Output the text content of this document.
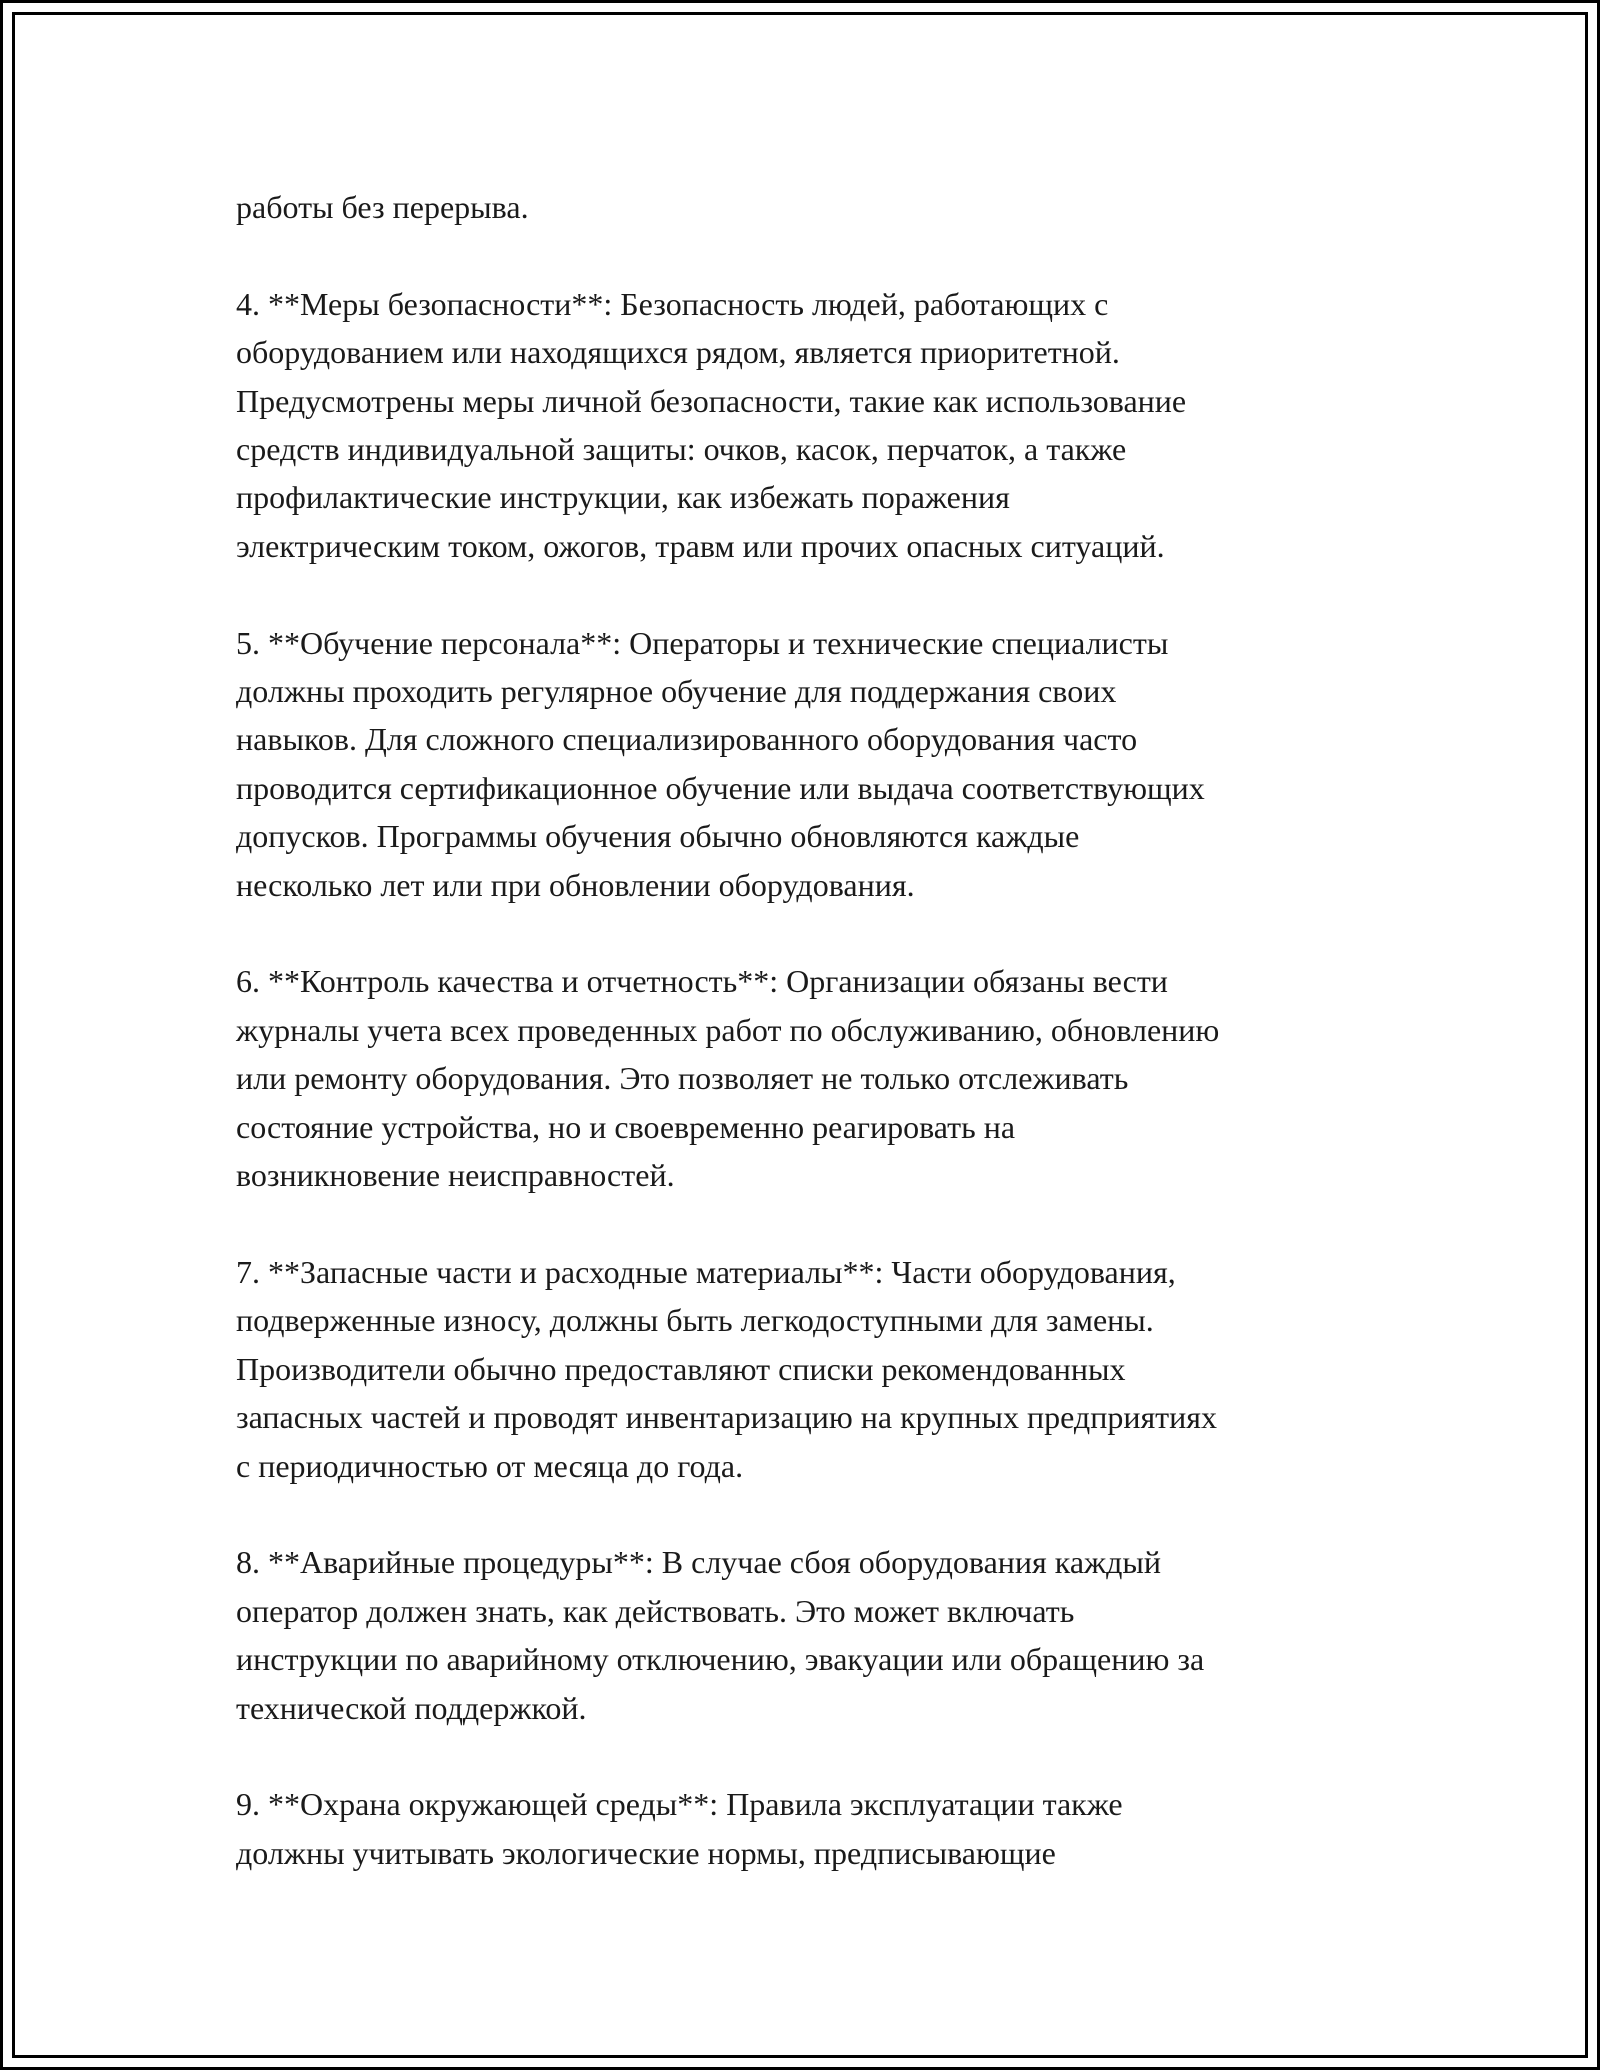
работы без перерыва.

4. **Меры безопасности**: Безопасность людей, работающих с
оборудованием или находящихся рядом, является приоритетной.
Предусмотрены меры личной безопасности, такие как использование
средств индивидуальной защиты: очков, касок, перчаток, а также
профилактические инструкции, как избежать поражения
электрическим током, ожогов, травм или прочих опасных ситуаций.

5. **Обучение персонала**: Операторы и технические специалисты
должны проходить регулярное обучение для поддержания своих
навыков. Для сложного специализированного оборудования часто
проводится сертификационное обучение или выдача соответствующих
допусков. Программы обучения обычно обновляются каждые
несколько лет или при обновлении оборудования.

6. **Контроль качества и отчетность**: Организации обязаны вести
журналы учета всех проведенных работ по обслуживанию, обновлению
или ремонту оборудования. Это позволяет не только отслеживать
состояние устройства, но и своевременно реагировать на
возникновение неисправностей.

7. **Запасные части и расходные материалы**: Части оборудования,
подверженные износу, должны быть легкодоступными для замены.
Производители обычно предоставляют списки рекомендованных
запасных частей и проводят инвентаризацию на крупных предприятиях
с периодичностью от месяца до года.

8. **Аварийные процедуры**: В случае сбоя оборудования каждый
оператор должен знать, как действовать. Это может включать
инструкции по аварийному отключению, эвакуации или обращению за
технической поддержкой.

9. **Охрана окружающей среды**: Правила эксплуатации также
должны учитывать экологические нормы, предписывающие
